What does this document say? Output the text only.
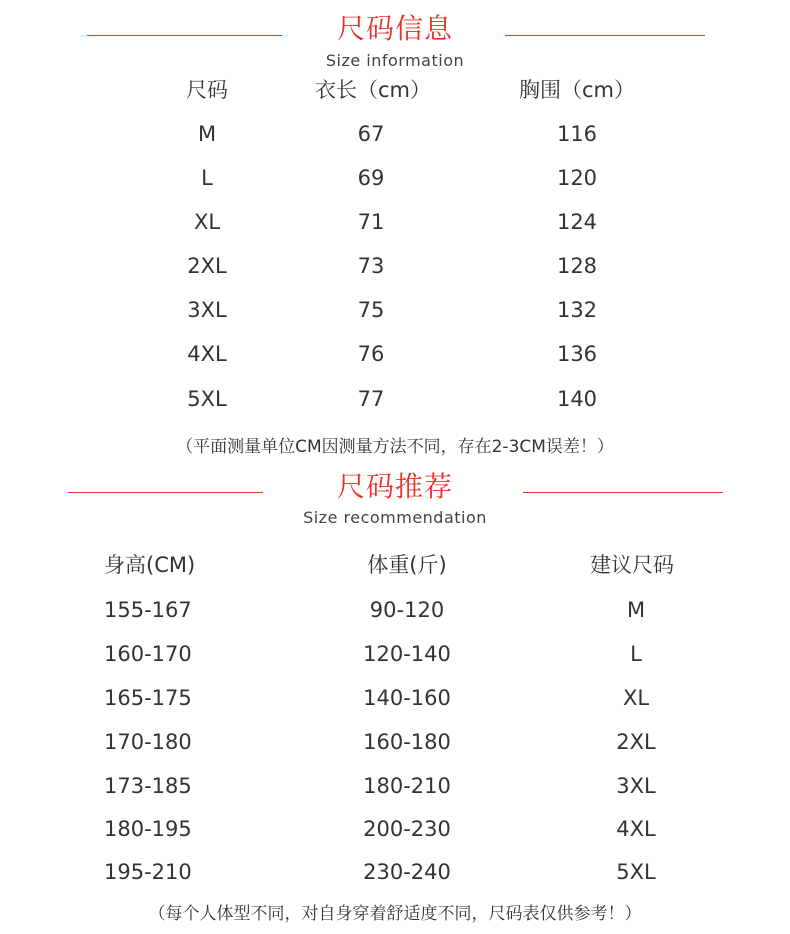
尺码信息
Size information
尺码	衣长（cm）	胸围（cm）
M	67	116
L	69	120
XL	71	124
2XL	73	128
3XL	75	132
4XL	76	136
5XL	77	140
（平面测量单位CM因测量方法不同，存在2-3CM误差！）
尺码推荐
Size recommendation
身高(CM)	体重(斤)	建议尺码
155-167	90-120	M
160-170	120-140	L
165-175	140-160	XL
170-180	160-180	2XL
173-185	180-210	3XL
180-195	200-230	4XL
195-210	230-240	5XL
（每个人体型不同，对自身穿着舒适度不同，尺码表仅供参考！）
